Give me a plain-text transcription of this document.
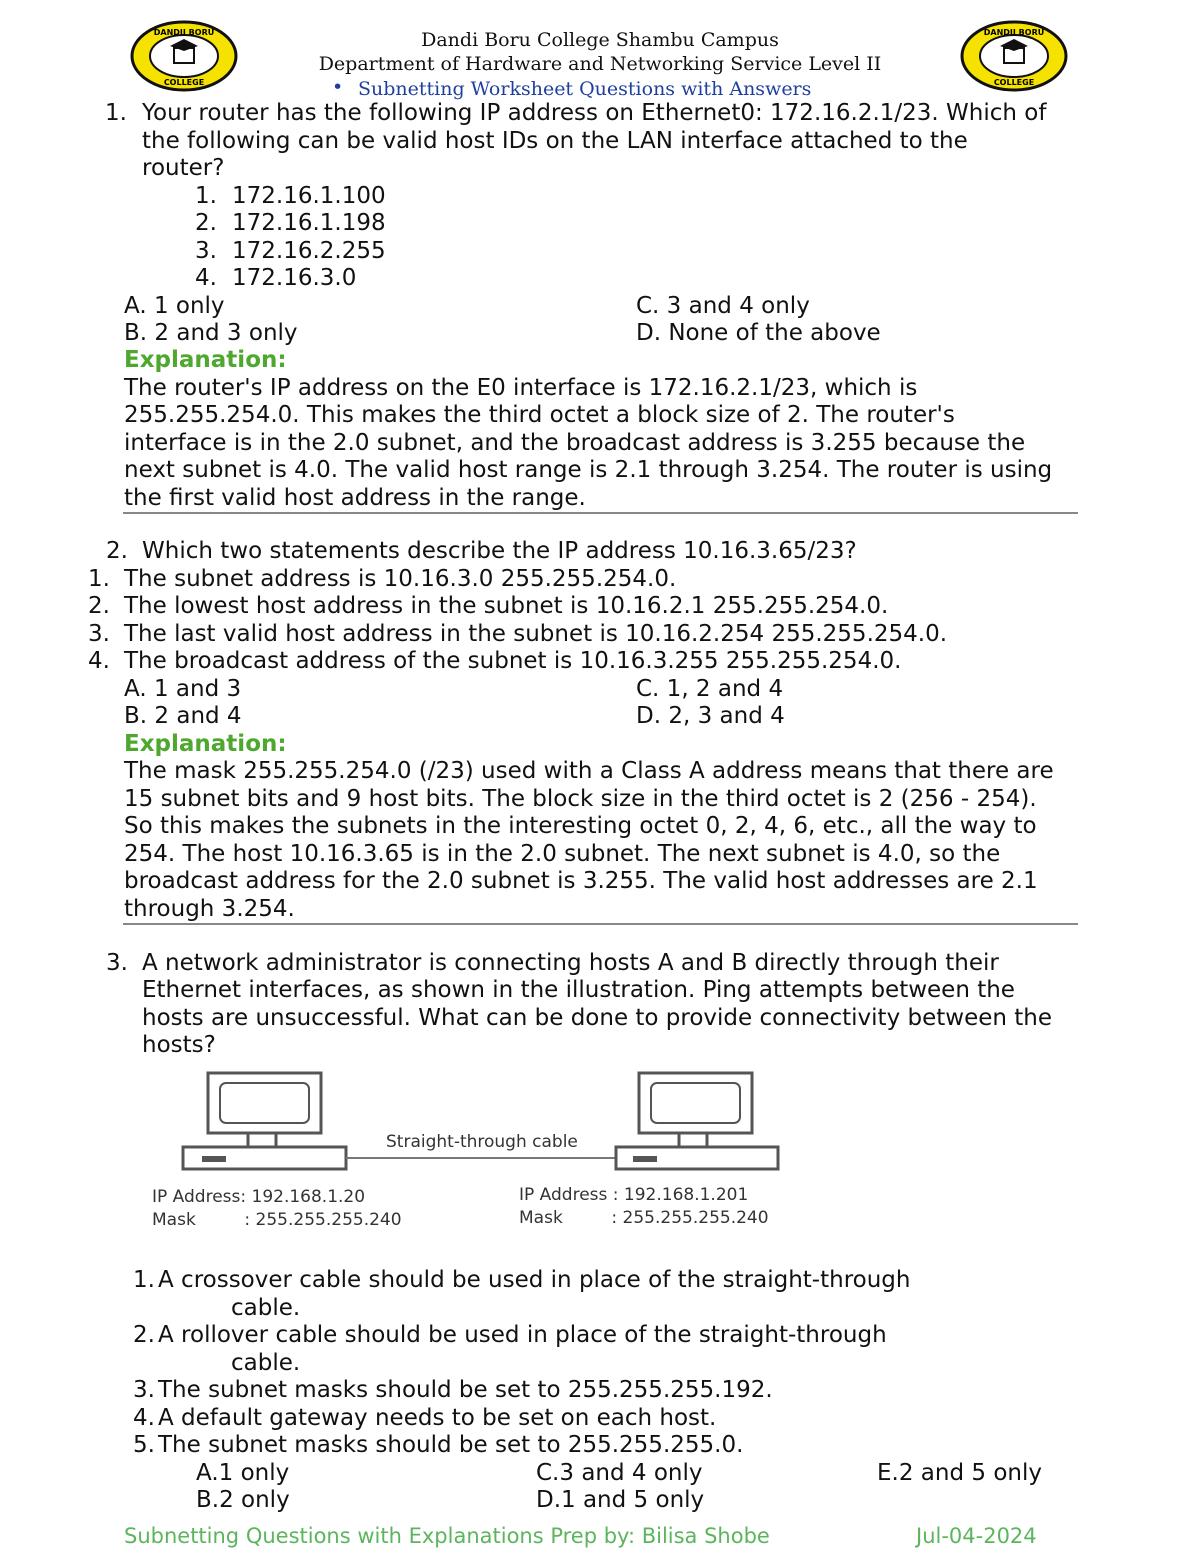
DANDII BORU
COLLEGE
DANDII BORU
COLLEGE
Dandi Boru College Shambu Campus
Department of Hardware and Networking Service Level II
• Subnetting Worksheet Questions with Answers
1. Your router has the following IP address on Ethernet0: 172.16.2.1/23. Which of
the following can be valid host IDs on the LAN interface attached to the
router?
1. 172.16.1.100
2. 172.16.1.198
3. 172.16.2.255
4. 172.16.3.0
A. 1 only	C. 3 and 4 only
B. 2 and 3 only	D. None of the above
Explanation:
The router's IP address on the E0 interface is 172.16.2.1/23, which is
255.255.254.0. This makes the third octet a block size of 2. The router's
interface is in the 2.0 subnet, and the broadcast address is 3.255 because the
next subnet is 4.0. The valid host range is 2.1 through 3.254. The router is using
the first valid host address in the range.
2. Which two statements describe the IP address 10.16.3.65/23?
1. The subnet address is 10.16.3.0 255.255.254.0.
2. The lowest host address in the subnet is 10.16.2.1 255.255.254.0.
3. The last valid host address in the subnet is 10.16.2.254 255.255.254.0.
4. The broadcast address of the subnet is 10.16.3.255 255.255.254.0.
A. 1 and 3	C. 1, 2 and 4
B. 2 and 4	D. 2, 3 and 4
Explanation:
The mask 255.255.254.0 (/23) used with a Class A address means that there are
15 subnet bits and 9 host bits. The block size in the third octet is 2 (256 - 254).
So this makes the subnets in the interesting octet 0, 2, 4, 6, etc., all the way to
254. The host 10.16.3.65 is in the 2.0 subnet. The next subnet is 4.0, so the
broadcast address for the 2.0 subnet is 3.255. The valid host addresses are 2.1
through 3.254.
3. A network administrator is connecting hosts A and B directly through their
Ethernet interfaces, as shown in the illustration. Ping attempts between the
hosts are unsuccessful. What can be done to provide connectivity between the
hosts?
Straight-through cable
IP Address: 192.168.1.20
Mask         : 255.255.255.240
IP Address : 192.168.1.201
Mask         : 255.255.255.240
1. A crossover cable should be used in place of the straight-through
cable.
2. A rollover cable should be used in place of the straight-through
cable.
3. The subnet masks should be set to 255.255.255.192.
4. A default gateway needs to be set on each host.
5. The subnet masks should be set to 255.255.255.0.
A.1 only	C.3 and 4 only	E.2 and 5 only
B.2 only	D.1 and 5 only
Subnetting Questions with Explanations Prep by: Bilisa Shobe	Jul-04-2024
